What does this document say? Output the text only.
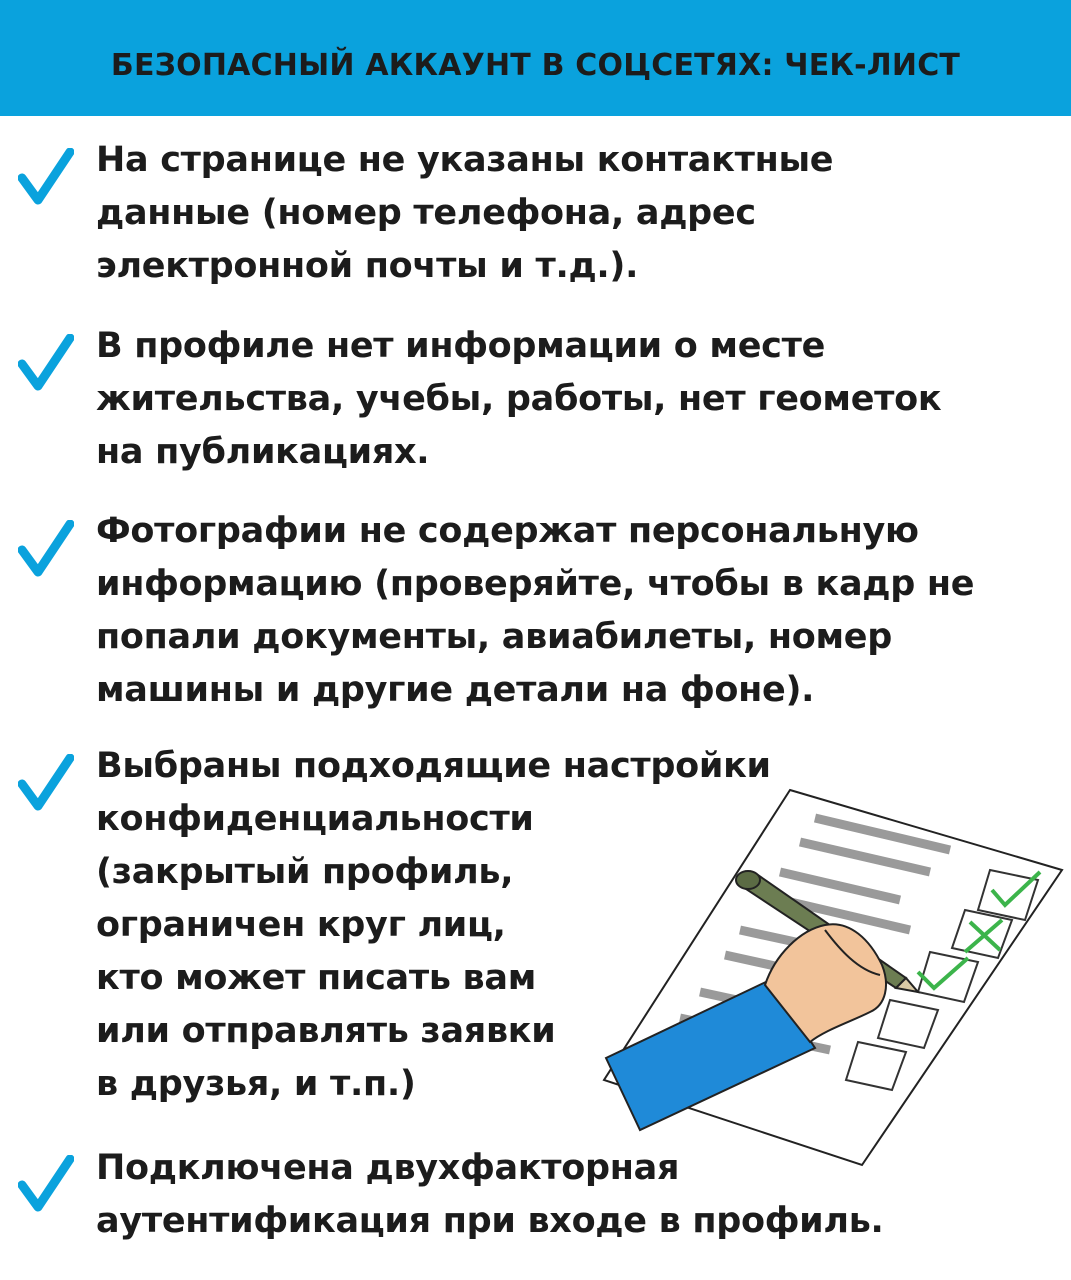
БЕЗОПАСНЫЙ АККАУНТ В СОЦСЕТЯХ: ЧЕК-ЛИСТ
На странице не указаны контактные
данные (номер телефона, адрес
электронной почты и т.д.).
В профиле нет информации о месте
жительства, учебы, работы, нет геометок
на публикациях.
Фотографии не содержат персональную
информацию (проверяйте, чтобы в кадр не
попали документы, авиабилеты, номер
машины и другие детали на фоне).
Выбраны подходящие настройки
конфиденциальности
(закрытый профиль,
ограничен круг лиц,
кто может писать вам
или отправлять заявки
в друзья, и т.п.)
Подключена двухфакторная
аутентификация при входе в профиль.
